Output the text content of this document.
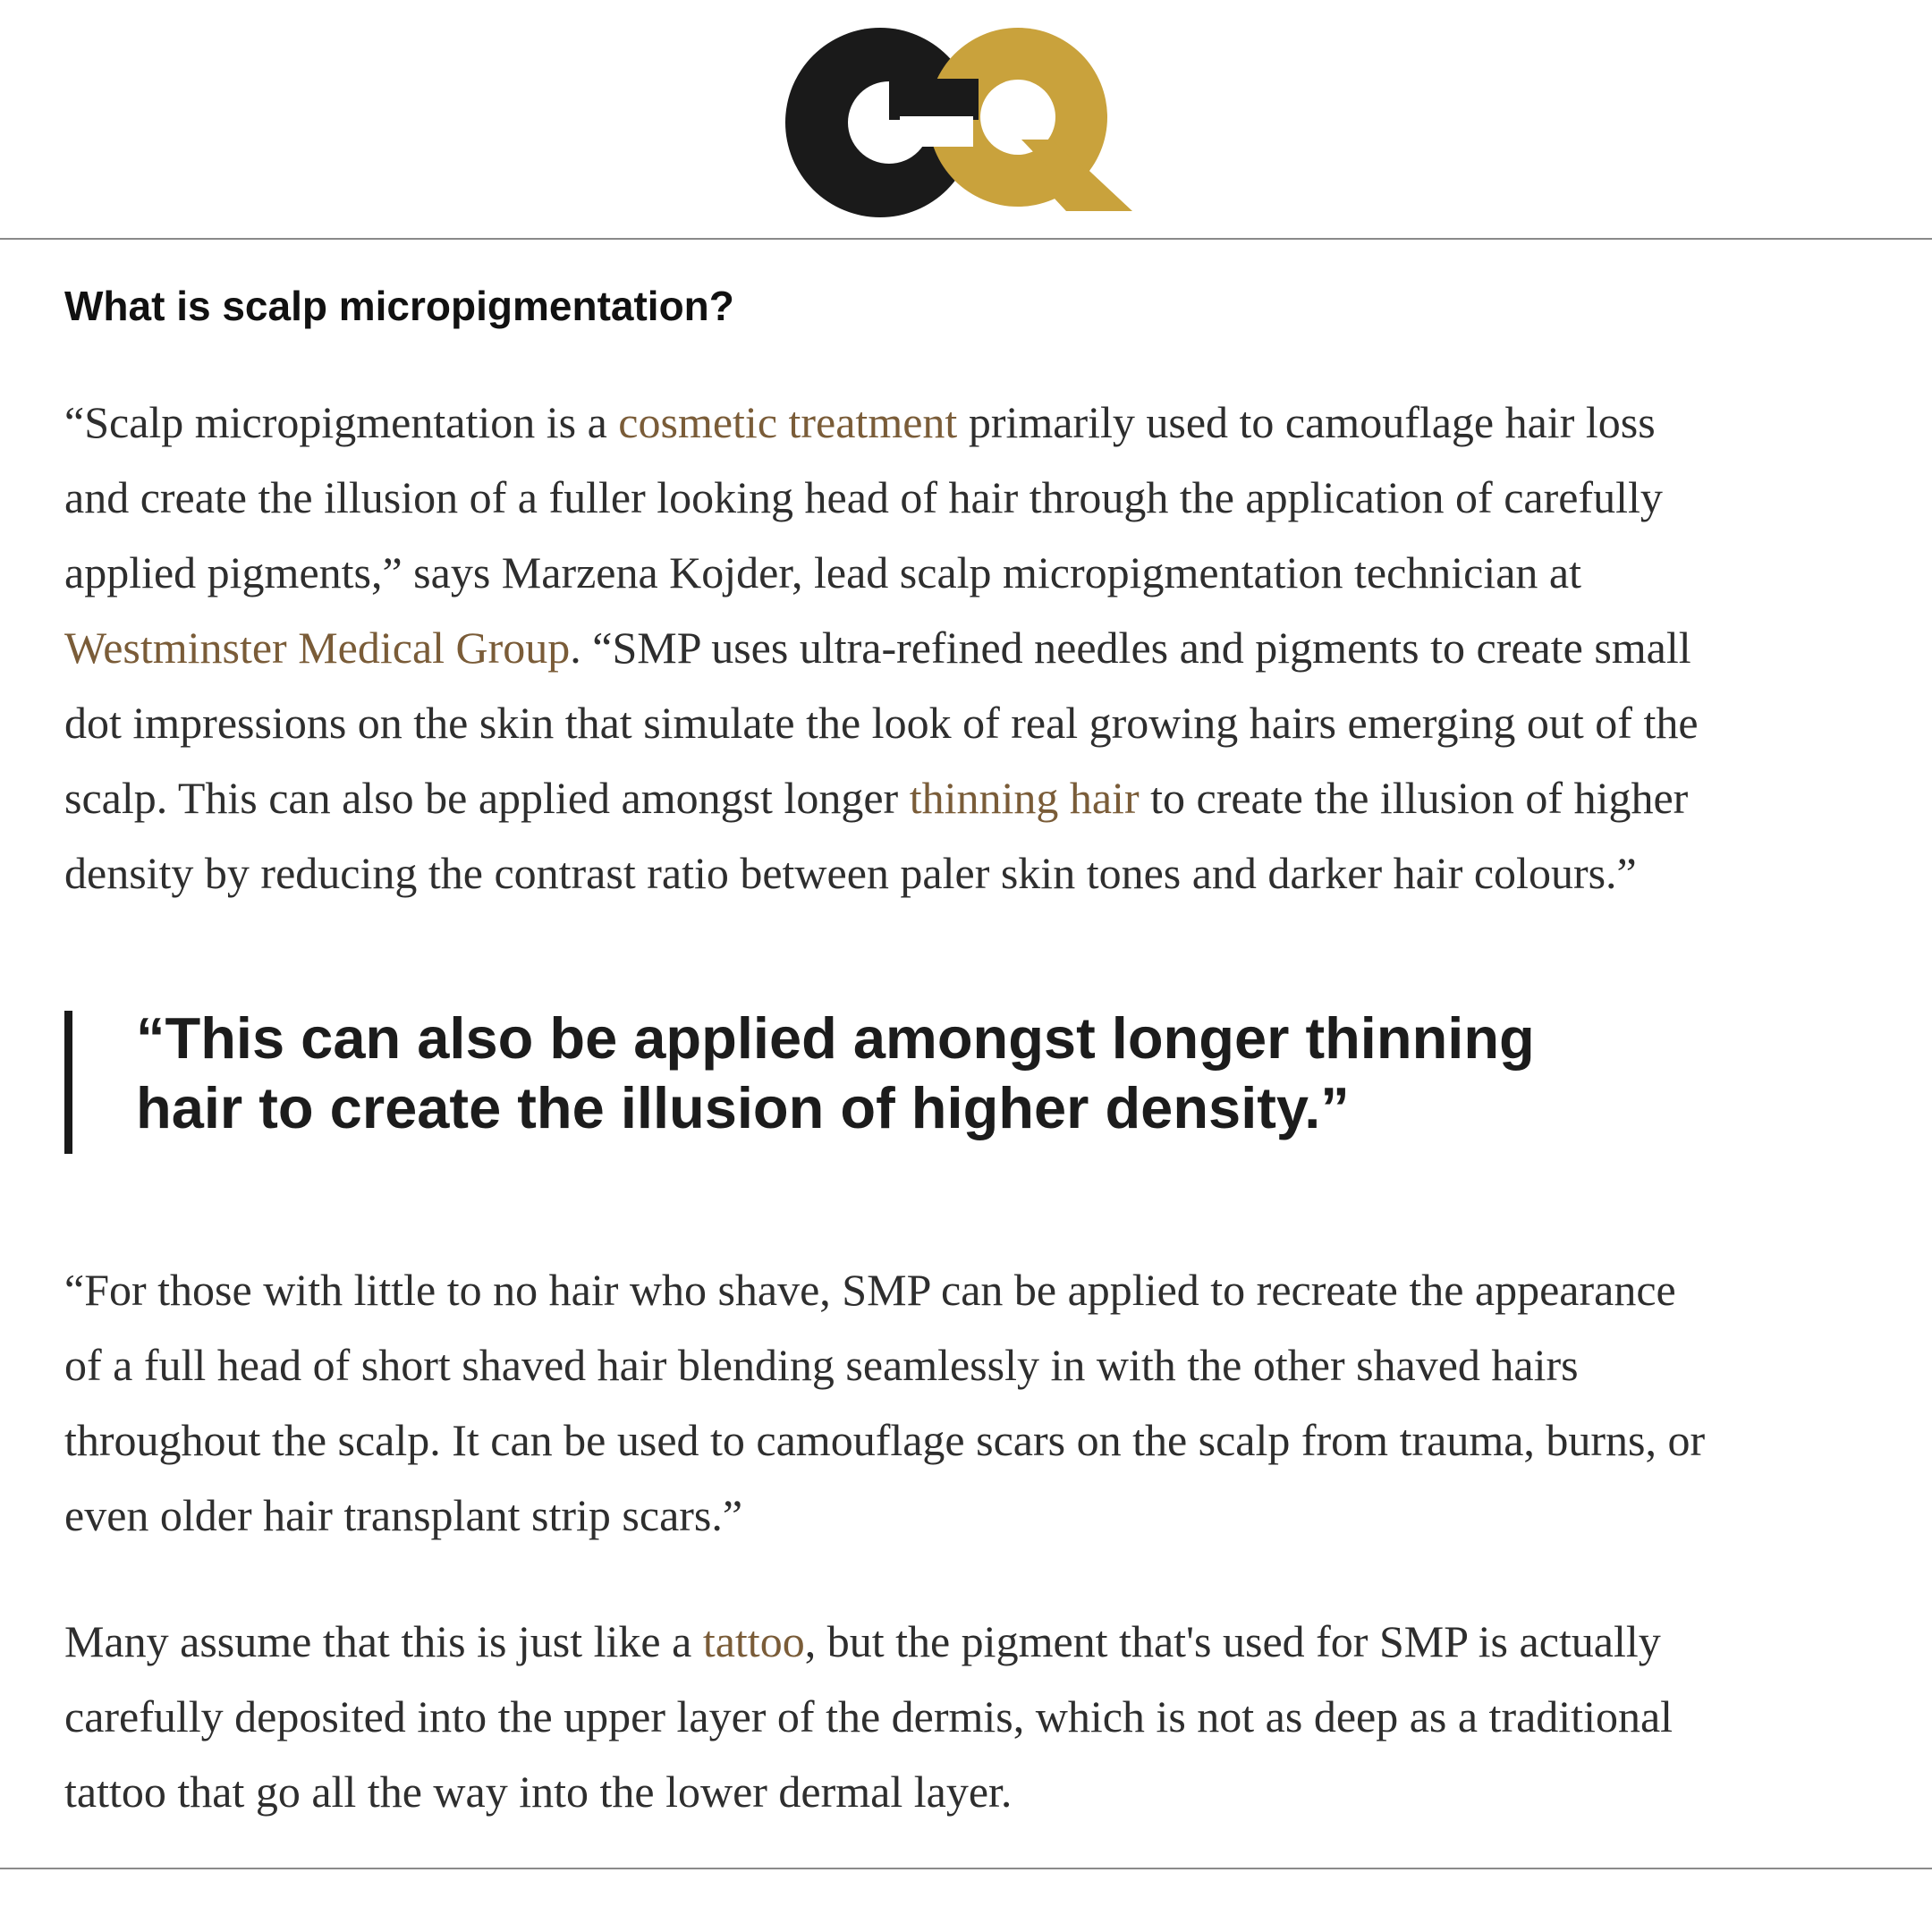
What is scalp micropigmentation?

“Scalp micropigmentation is a cosmetic treatment primarily used to camouflage hair loss
and create the illusion of a fuller looking head of hair through the application of carefully
applied pigments,” says Marzena Kojder, lead scalp micropigmentation technician at
Westminster Medical Group. “SMP uses ultra-refined needles and pigments to create small
dot impressions on the skin that simulate the look of real growing hairs emerging out of the
scalp. This can also be applied amongst longer thinning hair to create the illusion of higher
density by reducing the contrast ratio between paler skin tones and darker hair colours.”

“This can also be applied amongst longer thinning
hair to create the illusion of higher density.”

“For those with little to no hair who shave, SMP can be applied to recreate the appearance
of a full head of short shaved hair blending seamlessly in with the other shaved hairs
throughout the scalp. It can be used to camouflage scars on the scalp from trauma, burns, or
even older hair transplant strip scars.”

Many assume that this is just like a tattoo, but the pigment that's used for SMP is actually
carefully deposited into the upper layer of the dermis, which is not as deep as a traditional
tattoo that go all the way into the lower dermal layer.
